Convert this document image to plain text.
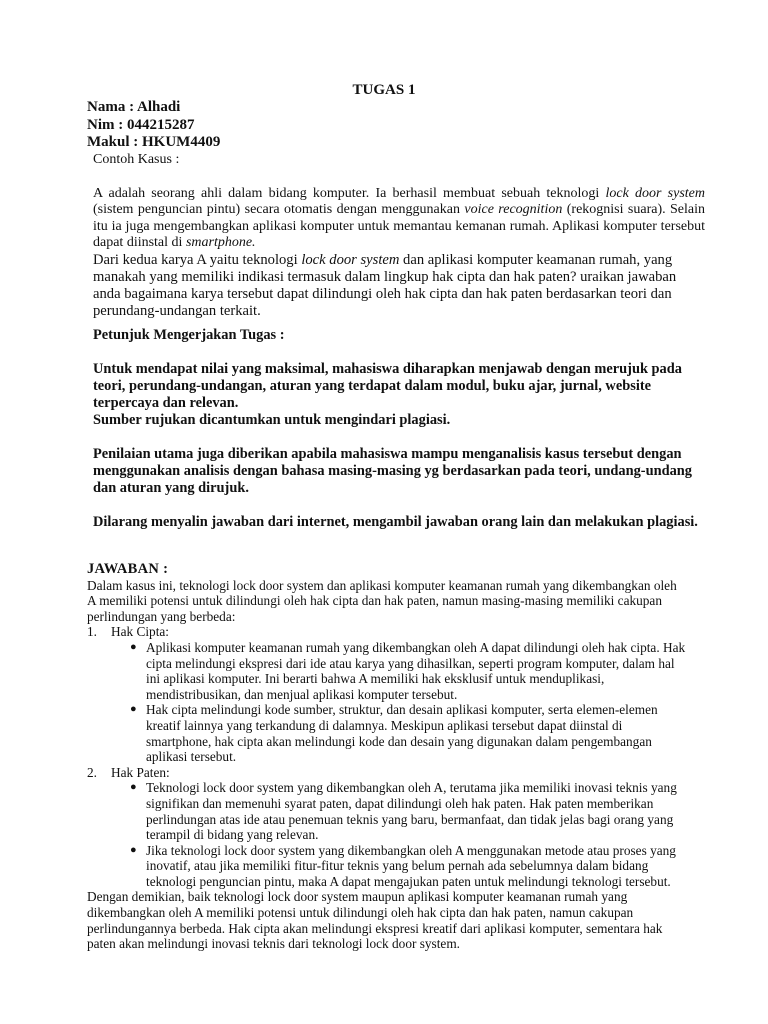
TUGAS 1
Nama : Alhadi
Nim : 044215287
Makul : HKUM4409

Contoh Kasus :

A adalah seorang ahli dalam bidang komputer. Ia berhasil membuat sebuah teknologi lock door system (sistem penguncian pintu) secara otomatis dengan menggunakan voice recognition (rekognisi suara). Selain itu ia juga mengembangkan aplikasi komputer untuk memantau kemanan rumah. Aplikasi komputer tersebut dapat diinstal di smartphone.

Dari kedua karya A yaitu teknologi lock door system dan aplikasi komputer keamanan rumah, yang manakah yang memiliki indikasi termasuk dalam lingkup hak cipta dan hak paten? uraikan jawaban anda bagaimana karya tersebut dapat dilindungi oleh hak cipta dan hak paten berdasarkan teori dan perundang-undangan terkait.

Petunjuk Mengerjakan Tugas :

Untuk mendapat nilai yang maksimal, mahasiswa diharapkan menjawab dengan merujuk pada teori, perundang-undangan, aturan yang terdapat dalam modul, buku ajar, jurnal, website terpercaya dan relevan.

Sumber rujukan dicantumkan untuk mengindari plagiasi.

Penilaian utama juga diberikan apabila mahasiswa mampu menganalisis kasus tersebut dengan menggunakan analisis dengan bahasa masing-masing yg berdasarkan pada teori, undang-undang dan aturan yang dirujuk.

Dilarang menyalin jawaban dari internet, mengambil jawaban orang lain dan melakukan plagiasi.

JAWABAN :

Dalam kasus ini, teknologi lock door system dan aplikasi komputer keamanan rumah yang dikembangkan oleh A memiliki potensi untuk dilindungi oleh hak cipta dan hak paten, namun masing-masing memiliki cakupan perlindungan yang berbeda:

1. Hak Cipta:
● Aplikasi komputer keamanan rumah yang dikembangkan oleh A dapat dilindungi oleh hak cipta. Hak cipta melindungi ekspresi dari ide atau karya yang dihasilkan, seperti program komputer, dalam hal ini aplikasi komputer. Ini berarti bahwa A memiliki hak eksklusif untuk menduplikasi, mendistribusikan, dan menjual aplikasi komputer tersebut.
● Hak cipta melindungi kode sumber, struktur, dan desain aplikasi komputer, serta elemen-elemen kreatif lainnya yang terkandung di dalamnya. Meskipun aplikasi tersebut dapat diinstal di smartphone, hak cipta akan melindungi kode dan desain yang digunakan dalam pengembangan aplikasi tersebut.
2. Hak Paten:
● Teknologi lock door system yang dikembangkan oleh A, terutama jika memiliki inovasi teknis yang signifikan dan memenuhi syarat paten, dapat dilindungi oleh hak paten. Hak paten memberikan perlindungan atas ide atau penemuan teknis yang baru, bermanfaat, dan tidak jelas bagi orang yang terampil di bidang yang relevan.
● Jika teknologi lock door system yang dikembangkan oleh A menggunakan metode atau proses yang inovatif, atau jika memiliki fitur-fitur teknis yang belum pernah ada sebelumnya dalam bidang teknologi penguncian pintu, maka A dapat mengajukan paten untuk melindungi teknologi tersebut.

Dengan demikian, baik teknologi lock door system maupun aplikasi komputer keamanan rumah yang dikembangkan oleh A memiliki potensi untuk dilindungi oleh hak cipta dan hak paten, namun cakupan perlindungannya berbeda. Hak cipta akan melindungi ekspresi kreatif dari aplikasi komputer, sementara hak paten akan melindungi inovasi teknis dari teknologi lock door system.
